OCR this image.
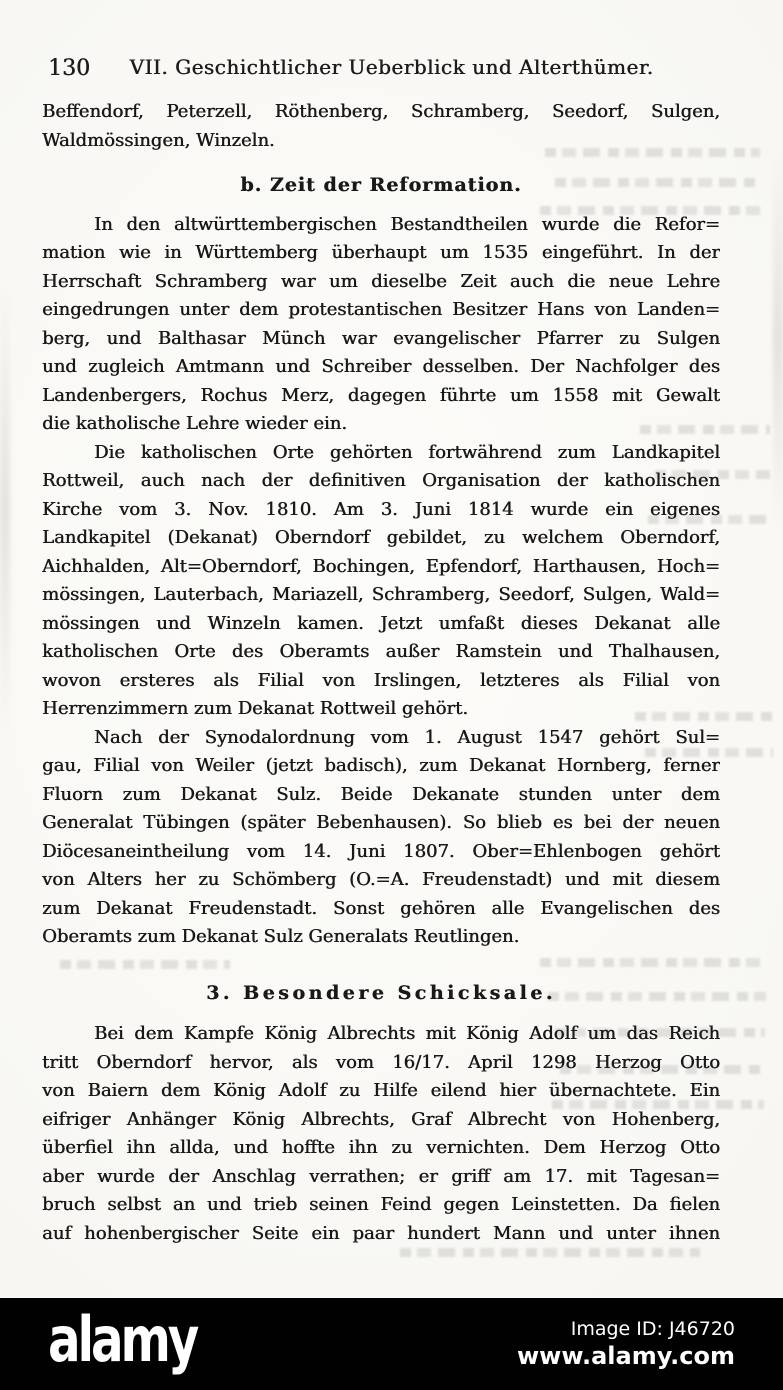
130	VII. Geschichtlicher Ueberblick und Alterthümer.
Beffendorf, Peterzell, Röthenberg, Schramberg, Seedorf, Sulgen,
Waldmössingen, Winzeln.
b. Zeit der Reformation.
In den altwürttembergischen Bestandtheilen wurde die Refor=
mation wie in Württemberg überhaupt um 1535 eingeführt. In der
Herrschaft Schramberg war um dieselbe Zeit auch die neue Lehre
eingedrungen unter dem protestantischen Besitzer Hans von Landen=
berg, und Balthasar Münch war evangelischer Pfarrer zu Sulgen
und zugleich Amtmann und Schreiber desselben. Der Nachfolger des
Landenbergers, Rochus Merz, dagegen führte um 1558 mit Gewalt
die katholische Lehre wieder ein.
Die katholischen Orte gehörten fortwährend zum Landkapitel
Rottweil, auch nach der definitiven Organisation der katholischen
Kirche vom 3. Nov. 1810. Am 3. Juni 1814 wurde ein eigenes
Landkapitel (Dekanat) Oberndorf gebildet, zu welchem Oberndorf,
Aichhalden, Alt=Oberndorf, Bochingen, Epfendorf, Harthausen, Hoch=
mössingen, Lauterbach, Mariazell, Schramberg, Seedorf, Sulgen, Wald=
mössingen und Winzeln kamen. Jetzt umfaßt dieses Dekanat alle
katholischen Orte des Oberamts außer Ramstein und Thalhausen,
wovon ersteres als Filial von Irslingen, letzteres als Filial von
Herrenzimmern zum Dekanat Rottweil gehört.
Nach der Synodalordnung vom 1. August 1547 gehört Sul=
gau, Filial von Weiler (jetzt badisch), zum Dekanat Hornberg, ferner
Fluorn zum Dekanat Sulz. Beide Dekanate stunden unter dem
Generalat Tübingen (später Bebenhausen). So blieb es bei der neuen
Diöcesaneintheilung vom 14. Juni 1807. Ober=Ehlenbogen gehört
von Alters her zu Schömberg (O.=A. Freudenstadt) und mit diesem
zum Dekanat Freudenstadt. Sonst gehören alle Evangelischen des
Oberamts zum Dekanat Sulz Generalats Reutlingen.
3. Besondere Schicksale.
Bei dem Kampfe König Albrechts mit König Adolf um das Reich
tritt Oberndorf hervor, als vom 16/17. April 1298 Herzog Otto
von Baiern dem König Adolf zu Hilfe eilend hier übernachtete. Ein
eifriger Anhänger König Albrechts, Graf Albrecht von Hohenberg,
überfiel ihn allda, und hoffte ihn zu vernichten. Dem Herzog Otto
aber wurde der Anschlag verrathen; er griff am 17. mit Tagesan=
bruch selbst an und trieb seinen Feind gegen Leinstetten. Da fielen
auf hohenbergischer Seite ein paar hundert Mann und unter ihnen
alamy	Image ID: J46720
www.alamy.com
